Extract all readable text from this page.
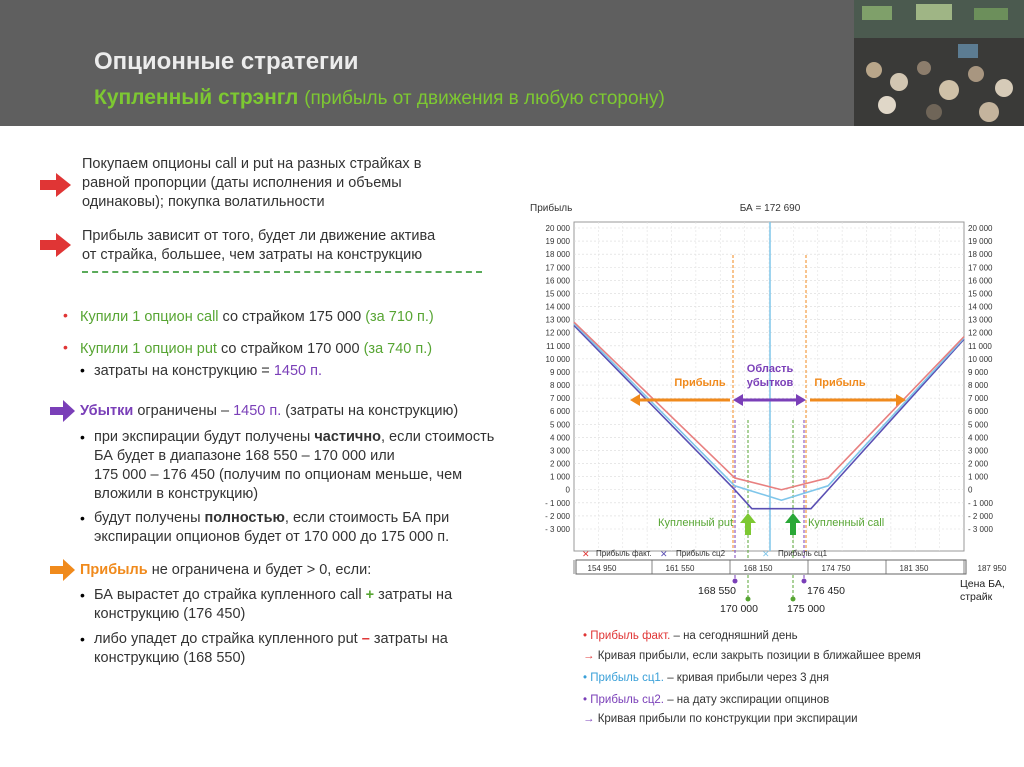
Опционные стратегии
Купленный стрэнгл (прибыль от движения в любую сторону)
Покупаем опционы call и put на разных страйках в
равной пропорции (даты исполнения и объемы
одинаковы); покупка волатильности
Прибыль зависит от того, будет ли движение актива
от страйка, большее, чем затраты на конструкцию
• Купили 1 опцион call со страйком 175 000 (за 710 п.)
• Купили 1 опцион put со страйком 170 000 (за 740 п.)
• затраты на конструкцию = 1450 п.
Убытки ограничены – 1450 п. (затраты на конструкцию)
• при экспирации будут получены частично, если стоимость
БА будет в диапазоне 168 550 – 170 000 или
175 000 – 176 450 (получим по опционам меньше, чем
вложили в конструкцию)
• будут получены полностью, если стоимость БА при
экспирации опционов будет от 170 000 до 175 000 п.
Прибыль не ограничена и будет > 0, если:
• БА вырастет до страйка купленного call + затраты на
конструкцию (176 450)
• либо упадет до страйка купленного put – затраты на
конструкцию (168 550)
20 000
19 000
18 000
17 000
16 000
15 000
14 000
13 000
12 000
11 000
10 000
9 000
8 000
7 000
6 000
5 000
4 000
3 000
2 000
1 000
0
- 1 000
- 2 000
- 3 000
20 000
19 000
18 000
17 000
16 000
15 000
14 000
13 000
12 000
11 000
10 000
9 000
8 000
7 000
6 000
5 000
4 000
3 000
2 000
1 000
0
- 1 000
- 2 000
- 3 000
Прибыль	БА = 172 690
Прибыль	Прибыль
Область
убытков
Купленный put	Купленный call
✕ Прибыль факт. ✕ Прибыль сц2	✕ Прибыль сц1
154 950	161 550	168 150	174 750	181 350	187 950
168 550	176 450
170 000	175 000
Цена БА,
страйк
• Прибыль факт. – на сегодняшний день
→ Кривая прибыли, если закрыть позиции в ближайшее время
• Прибыль сц1. – кривая прибыли через 3 дня
• Прибыль сц2. – на дату экспирации опцинов
→ Кривая прибыли по конструкции при экспирации
